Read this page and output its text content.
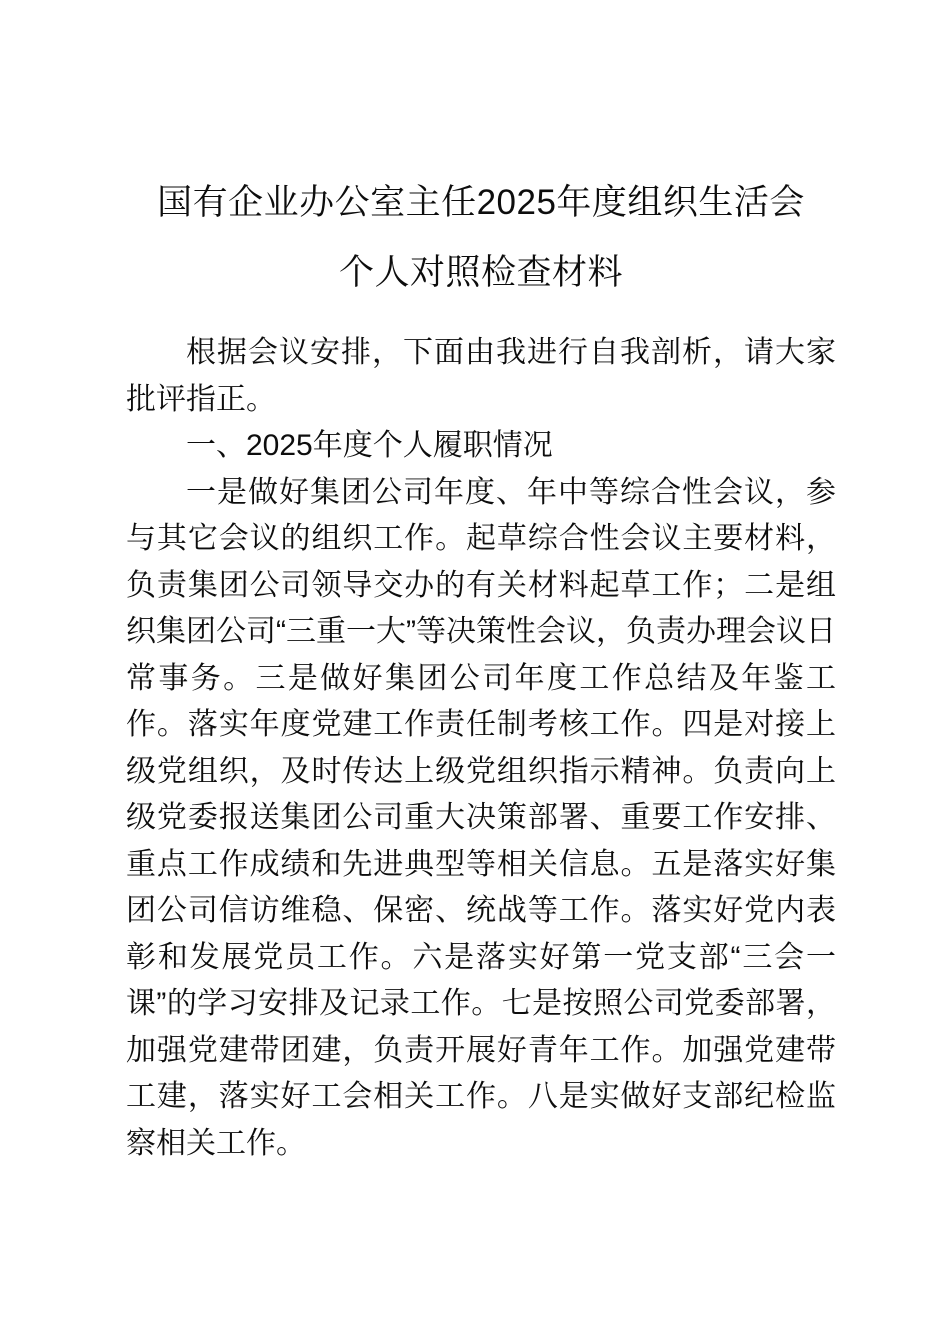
国有企业办公室主任2025年度组织生活会
个人对照检查材料

根据会议安排，下面由我进行自我剖析，请大家批评指正。

一、2025年度个人履职情况

一是做好集团公司年度、年中等综合性会议，参与其它会议的组织工作。起草综合性会议主要材料，负责集团公司领导交办的有关材料起草工作；二是组织集团公司“三重一大”等决策性会议，负责办理会议日常事务。三是做好集团公司年度工作总结及年鉴工作。落实年度党建工作责任制考核工作。四是对接上级党组织，及时传达上级党组织指示精神。负责向上级党委报送集团公司重大决策部署、重要工作安排、重点工作成绩和先进典型等相关信息。五是落实好集团公司信访维稳、保密、统战等工作。落实好党内表彰和发展党员工作。六是落实好第一党支部“三会一课”的学习安排及记录工作。七是按照公司党委部署，加强党建带团建，负责开展好青年工作。加强党建带工建，落实好工会相关工作。八是实做好支部纪检监察相关工作。
